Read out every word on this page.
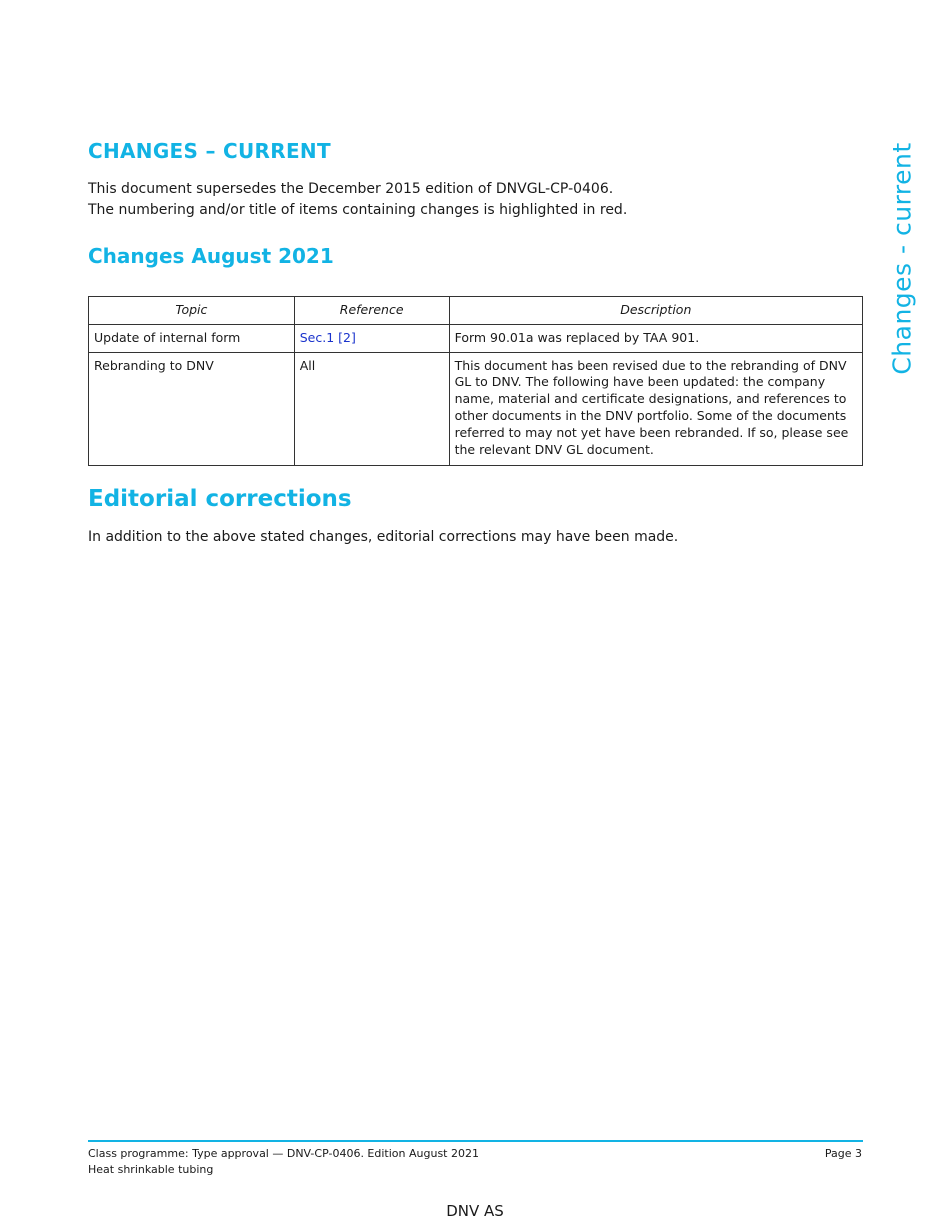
Changes - current
CHANGES – CURRENT

This document supersedes the December 2015 edition of DNVGL-CP-0406.

The numbering and/or title of items containing changes is highlighted in red.

Changes August 2021
Topic	Reference	Description
Update of internal form	Sec.1 [2]	Form 90.01a was replaced by TAA 901.
Rebranding to DNV	All	This document has been revised due to the rebranding of DNV GL to DNV. The following have been updated: the company name, material and certificate designations, and references to other documents in the DNV portfolio. Some of the documents referred to may not yet have been rebranded. If so, please see the relevant DNV GL document.
Editorial corrections

In addition to the above stated changes, editorial corrections may have been made.

Class programme: Type approval — DNV-CP-0406. Edition August 2021
Heat shrinkable tubing
Page 3
DNV AS
